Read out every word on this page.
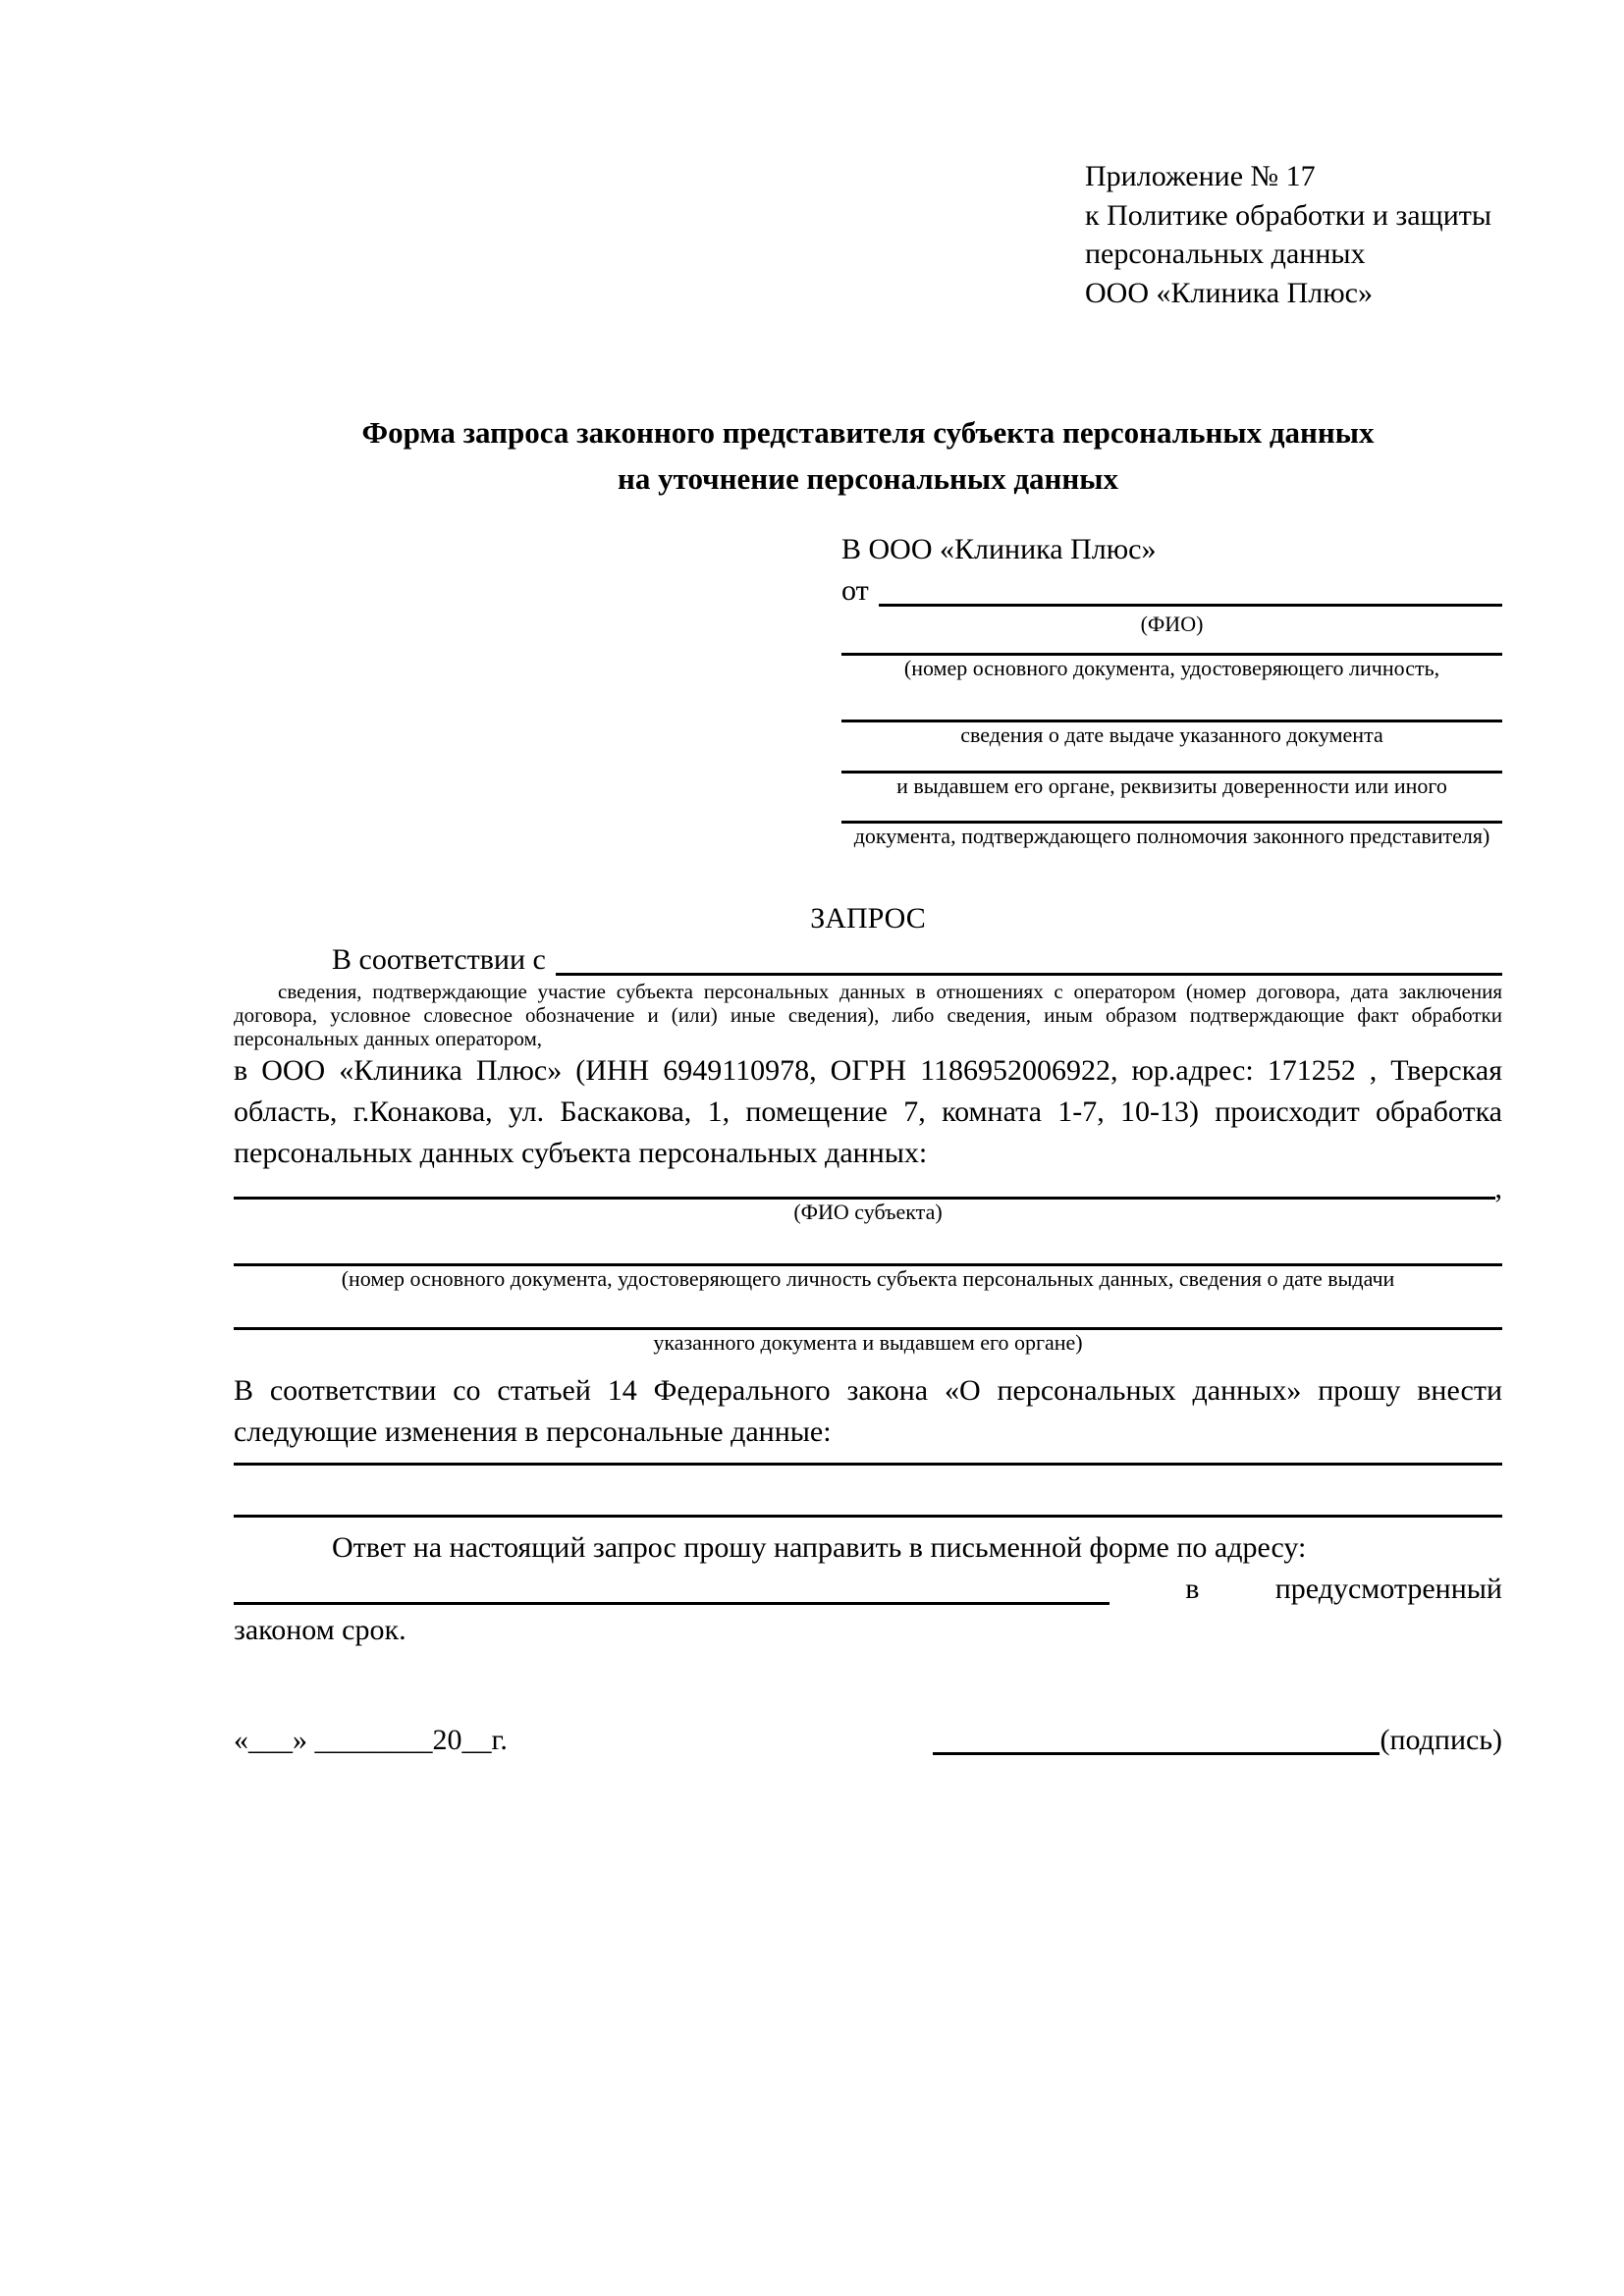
Приложение № 17
к Политике обработки и защиты
персональных данных
ООО «Клиника Плюс»
Форма запроса законного представителя субъекта персональных данных
на уточнение персональных данных
В ООО «Клиника Плюс»
от
(ФИО)
(номер основного документа, удостоверяющего личность,
сведения о дате выдаче указанного документа
и выдавшем его органе, реквизиты доверенности или иного
документа, подтверждающего полномочия законного представителя)
ЗАПРОС
В соответствии с

сведения, подтверждающие участие субъекта персональных данных в отношениях с оператором (номер договора, дата заключения договора, условное словесное обозначение и (или) иные сведения), либо сведения, иным образом подтверждающие факт обработки персональных данных оператором,

в ООО «Клиника Плюс» (ИНН 6949110978, ОГРН 1186952006922, юр.адрес: 171252 , Тверская область, г.Конакова, ул. Баскакова, 1, помещение 7, комната 1-7, 10-13) происходит обработка персональных данных субъекта персональных данных:

,
(ФИО субъекта)
(номер основного документа, удостоверяющего личность субъекта персональных данных, сведения о дате выдачи
указанного документа и выдавшем его органе)

В соответствии со статьей 14 Федерального закона «О персональных данных» прошу внести следующие изменения в персональные данные:

Ответ на настоящий запрос прошу направить в письменной форме по адресу:

в	предусмотренный
законом срок.
«___» ________20__г.	(подпись)
